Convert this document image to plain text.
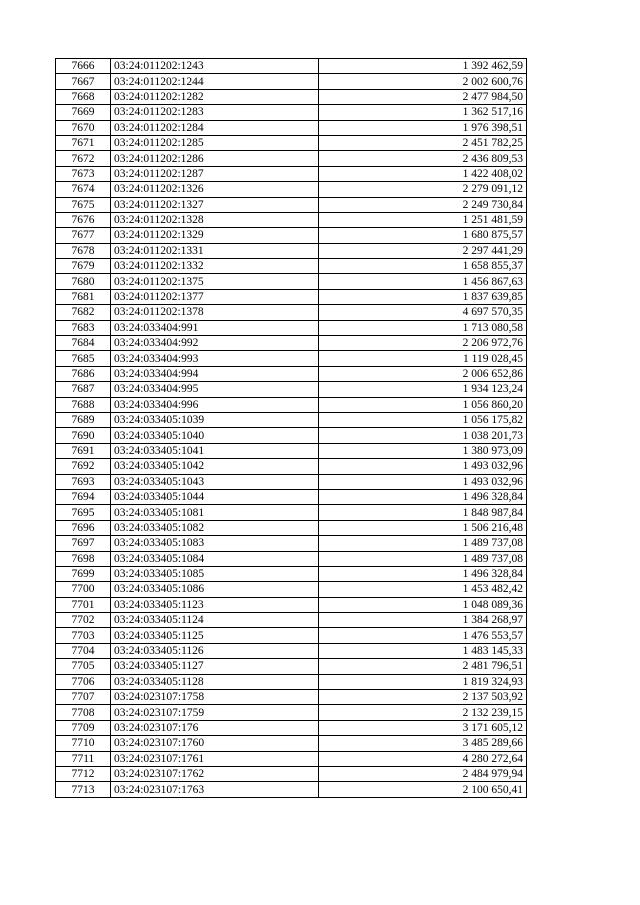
7666	03:24:011202:1243	1 392 462,59
7667	03:24:011202:1244	2 002 600,76
7668	03:24:011202:1282	2 477 984,50
7669	03:24:011202:1283	1 362 517,16
7670	03:24:011202:1284	1 976 398,51
7671	03:24:011202:1285	2 451 782,25
7672	03:24:011202:1286	2 436 809,53
7673	03:24:011202:1287	1 422 408,02
7674	03:24:011202:1326	2 279 091,12
7675	03:24:011202:1327	2 249 730,84
7676	03:24:011202:1328	1 251 481,59
7677	03:24:011202:1329	1 680 875,57
7678	03:24:011202:1331	2 297 441,29
7679	03:24:011202:1332	1 658 855,37
7680	03:24:011202:1375	1 456 867,63
7681	03:24:011202:1377	1 837 639,85
7682	03:24:011202:1378	4 697 570,35
7683	03:24:033404:991	1 713 080,58
7684	03:24:033404:992	2 206 972,76
7685	03:24:033404:993	1 119 028,45
7686	03:24:033404:994	2 006 652,86
7687	03:24:033404:995	1 934 123,24
7688	03:24:033404:996	1 056 860,20
7689	03:24:033405:1039	1 056 175,82
7690	03:24:033405:1040	1 038 201,73
7691	03:24:033405:1041	1 380 973,09
7692	03:24:033405:1042	1 493 032,96
7693	03:24:033405:1043	1 493 032,96
7694	03:24:033405:1044	1 496 328,84
7695	03:24:033405:1081	1 848 987,84
7696	03:24:033405:1082	1 506 216,48
7697	03:24:033405:1083	1 489 737,08
7698	03:24:033405:1084	1 489 737,08
7699	03:24:033405:1085	1 496 328,84
7700	03:24:033405:1086	1 453 482,42
7701	03:24:033405:1123	1 048 089,36
7702	03:24:033405:1124	1 384 268,97
7703	03:24:033405:1125	1 476 553,57
7704	03:24:033405:1126	1 483 145,33
7705	03:24:033405:1127	2 481 796,51
7706	03:24:033405:1128	1 819 324,93
7707	03:24:023107:1758	2 137 503,92
7708	03:24:023107:1759	2 132 239,15
7709	03:24:023107:176	3 171 605,12
7710	03:24:023107:1760	3 485 289,66
7711	03:24:023107:1761	4 280 272,64
7712	03:24:023107:1762	2 484 979,94
7713	03:24:023107:1763	2 100 650,41
